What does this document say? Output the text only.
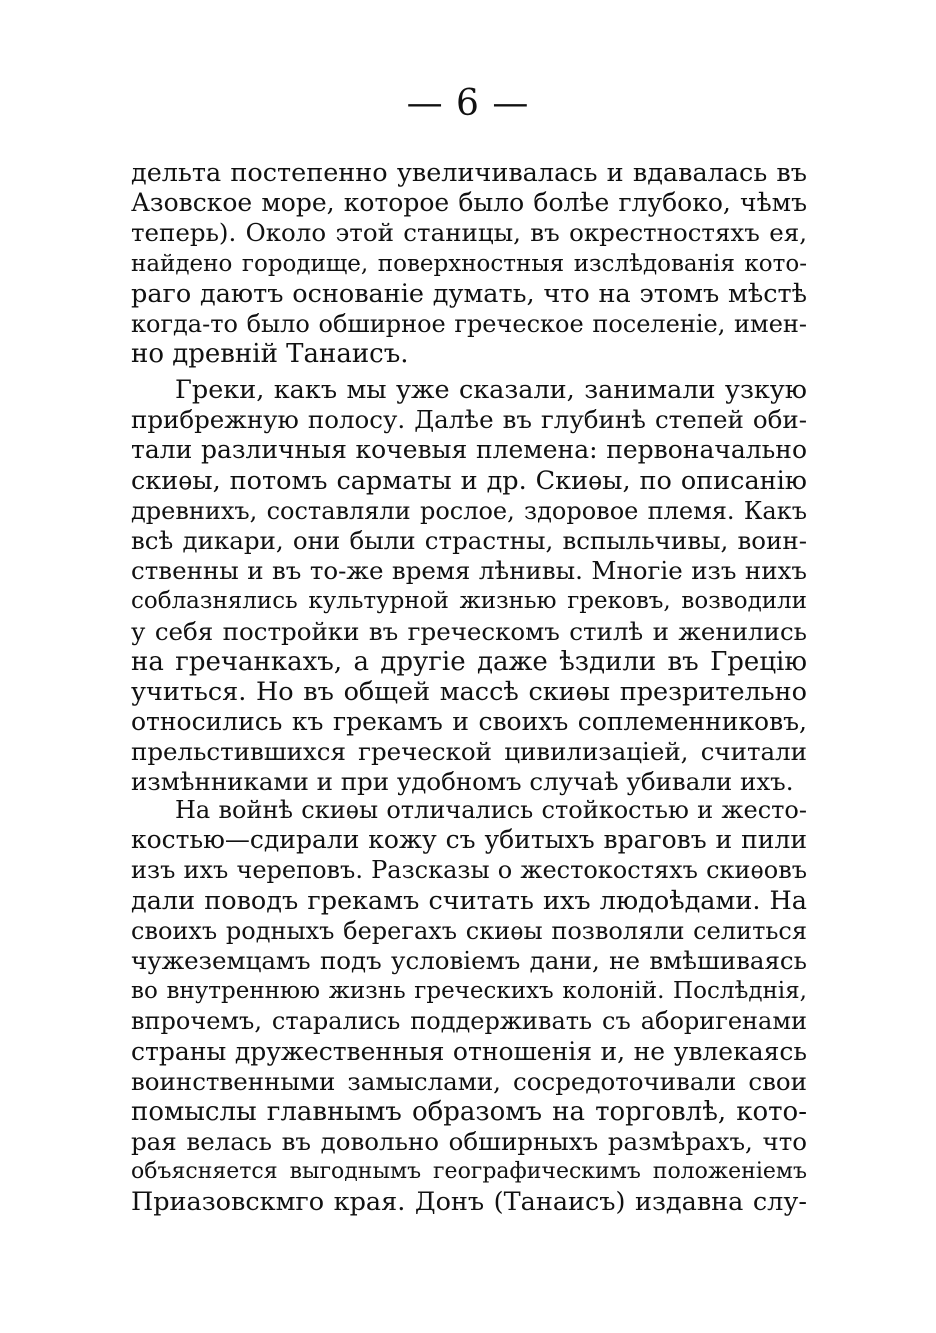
— 6 —
дельта постепенно увеличивалась и вдавалась въ
Азовское море, которое было болѣе глубоко, чѣмъ
теперь). Около этой станицы, въ окрестностяхъ ея,
найдено городище, поверхностныя изслѣдованія кото-
раго даютъ основаніе думать, что на этомъ мѣстѣ
когда-то было обширное греческое поселеніе, имен-
но древній Танаисъ.
Греки, какъ мы уже сказали, занимали узкую
прибрежную полосу. Далѣе въ глубинѣ степей оби-
тали различныя кочевыя племена: первоначально
скиѳы, потомъ сарматы и др. Скиѳы, по описанію
древнихъ, составляли рослое, здоровое племя. Какъ
всѣ дикари, они были страстны, вспыльчивы, воин-
ственны и въ то-же время лѣнивы. Многіе изъ нихъ
соблазнялись культурной жизнью грековъ, возводили
у себя постройки въ греческомъ стилѣ и женились
на гречанкахъ, а другіе даже ѣздили въ Грецію
учиться. Но въ общей массѣ скиѳы презрительно
относились къ грекамъ и своихъ соплеменниковъ,
прельстившихся греческой цивилизаціей, считали
измѣнниками и при удобномъ случаѣ убивали ихъ.
На войнѣ скиѳы отличались стойкостью и жесто-
костью—сдирали кожу съ убитыхъ враговъ и пили
изъ ихъ череповъ. Разсказы о жестокостяхъ скиѳовъ
дали поводъ грекамъ считать ихъ людоѣдами. На
своихъ родныхъ берегахъ скиѳы позволяли селиться
чужеземцамъ подъ условіемъ дани, не вмѣшиваясь
во внутреннюю жизнь греческихъ колоній. Послѣднія,
впрочемъ, старались поддерживать съ аборигенами
страны дружественныя отношенія и, не увлекаясь
воинственными замыслами, сосредоточивали свои
помыслы главнымъ образомъ на торговлѣ, кото-
рая велась въ довольно обширныхъ размѣрахъ, что
объясняется выгоднымъ географическимъ положеніемъ
Приазовскмго края. Донъ (Танаисъ) издавна слу-
